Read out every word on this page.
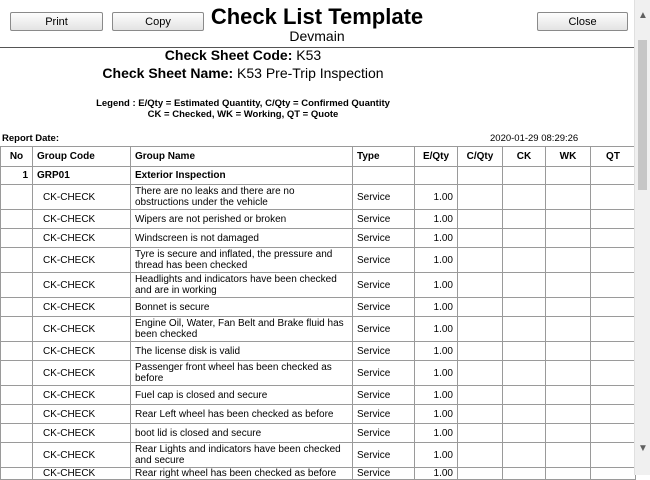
Print	Copy	Close
Check List Template
Devmain
Check Sheet Code: K53
Check Sheet Name: K53 Pre-Trip Inspection
Legend : E/Qty = Estimated Quantity, C/Qty = Confirmed Quantity
CK = Checked, WK = Working, QT = Quote
Report Date:	2020-01-29 08:29:26
No	Group Code	Group Name	Type	E/Qty	C/Qty	CK	WK	QT
1	GRP01	Exterior Inspection						
	CK-CHECK	There are no leaks and there are no obstructions under the vehicle	Service	1.00				
	CK-CHECK	Wipers are not perished or broken	Service	1.00				
	CK-CHECK	Windscreen is not damaged	Service	1.00				
	CK-CHECK	Tyre is secure and inflated, the pressure and thread has been checked	Service	1.00				
	CK-CHECK	Headlights and indicators have been checked and are in working	Service	1.00				
	CK-CHECK	Bonnet is secure	Service	1.00				
	CK-CHECK	Engine Oil, Water, Fan Belt and Brake fluid has been checked	Service	1.00				
	CK-CHECK	The license disk is valid	Service	1.00				
	CK-CHECK	Passenger front wheel has been checked as before	Service	1.00				
	CK-CHECK	Fuel cap is closed and secure	Service	1.00				
	CK-CHECK	Rear Left wheel has been checked as before	Service	1.00				
	CK-CHECK	boot lid is closed and secure	Service	1.00				
	CK-CHECK	Rear Lights and indicators have been checked and secure	Service	1.00				
	CK-CHECK	Rear right wheel has been checked as before	Service	1.00				
▲
▼
